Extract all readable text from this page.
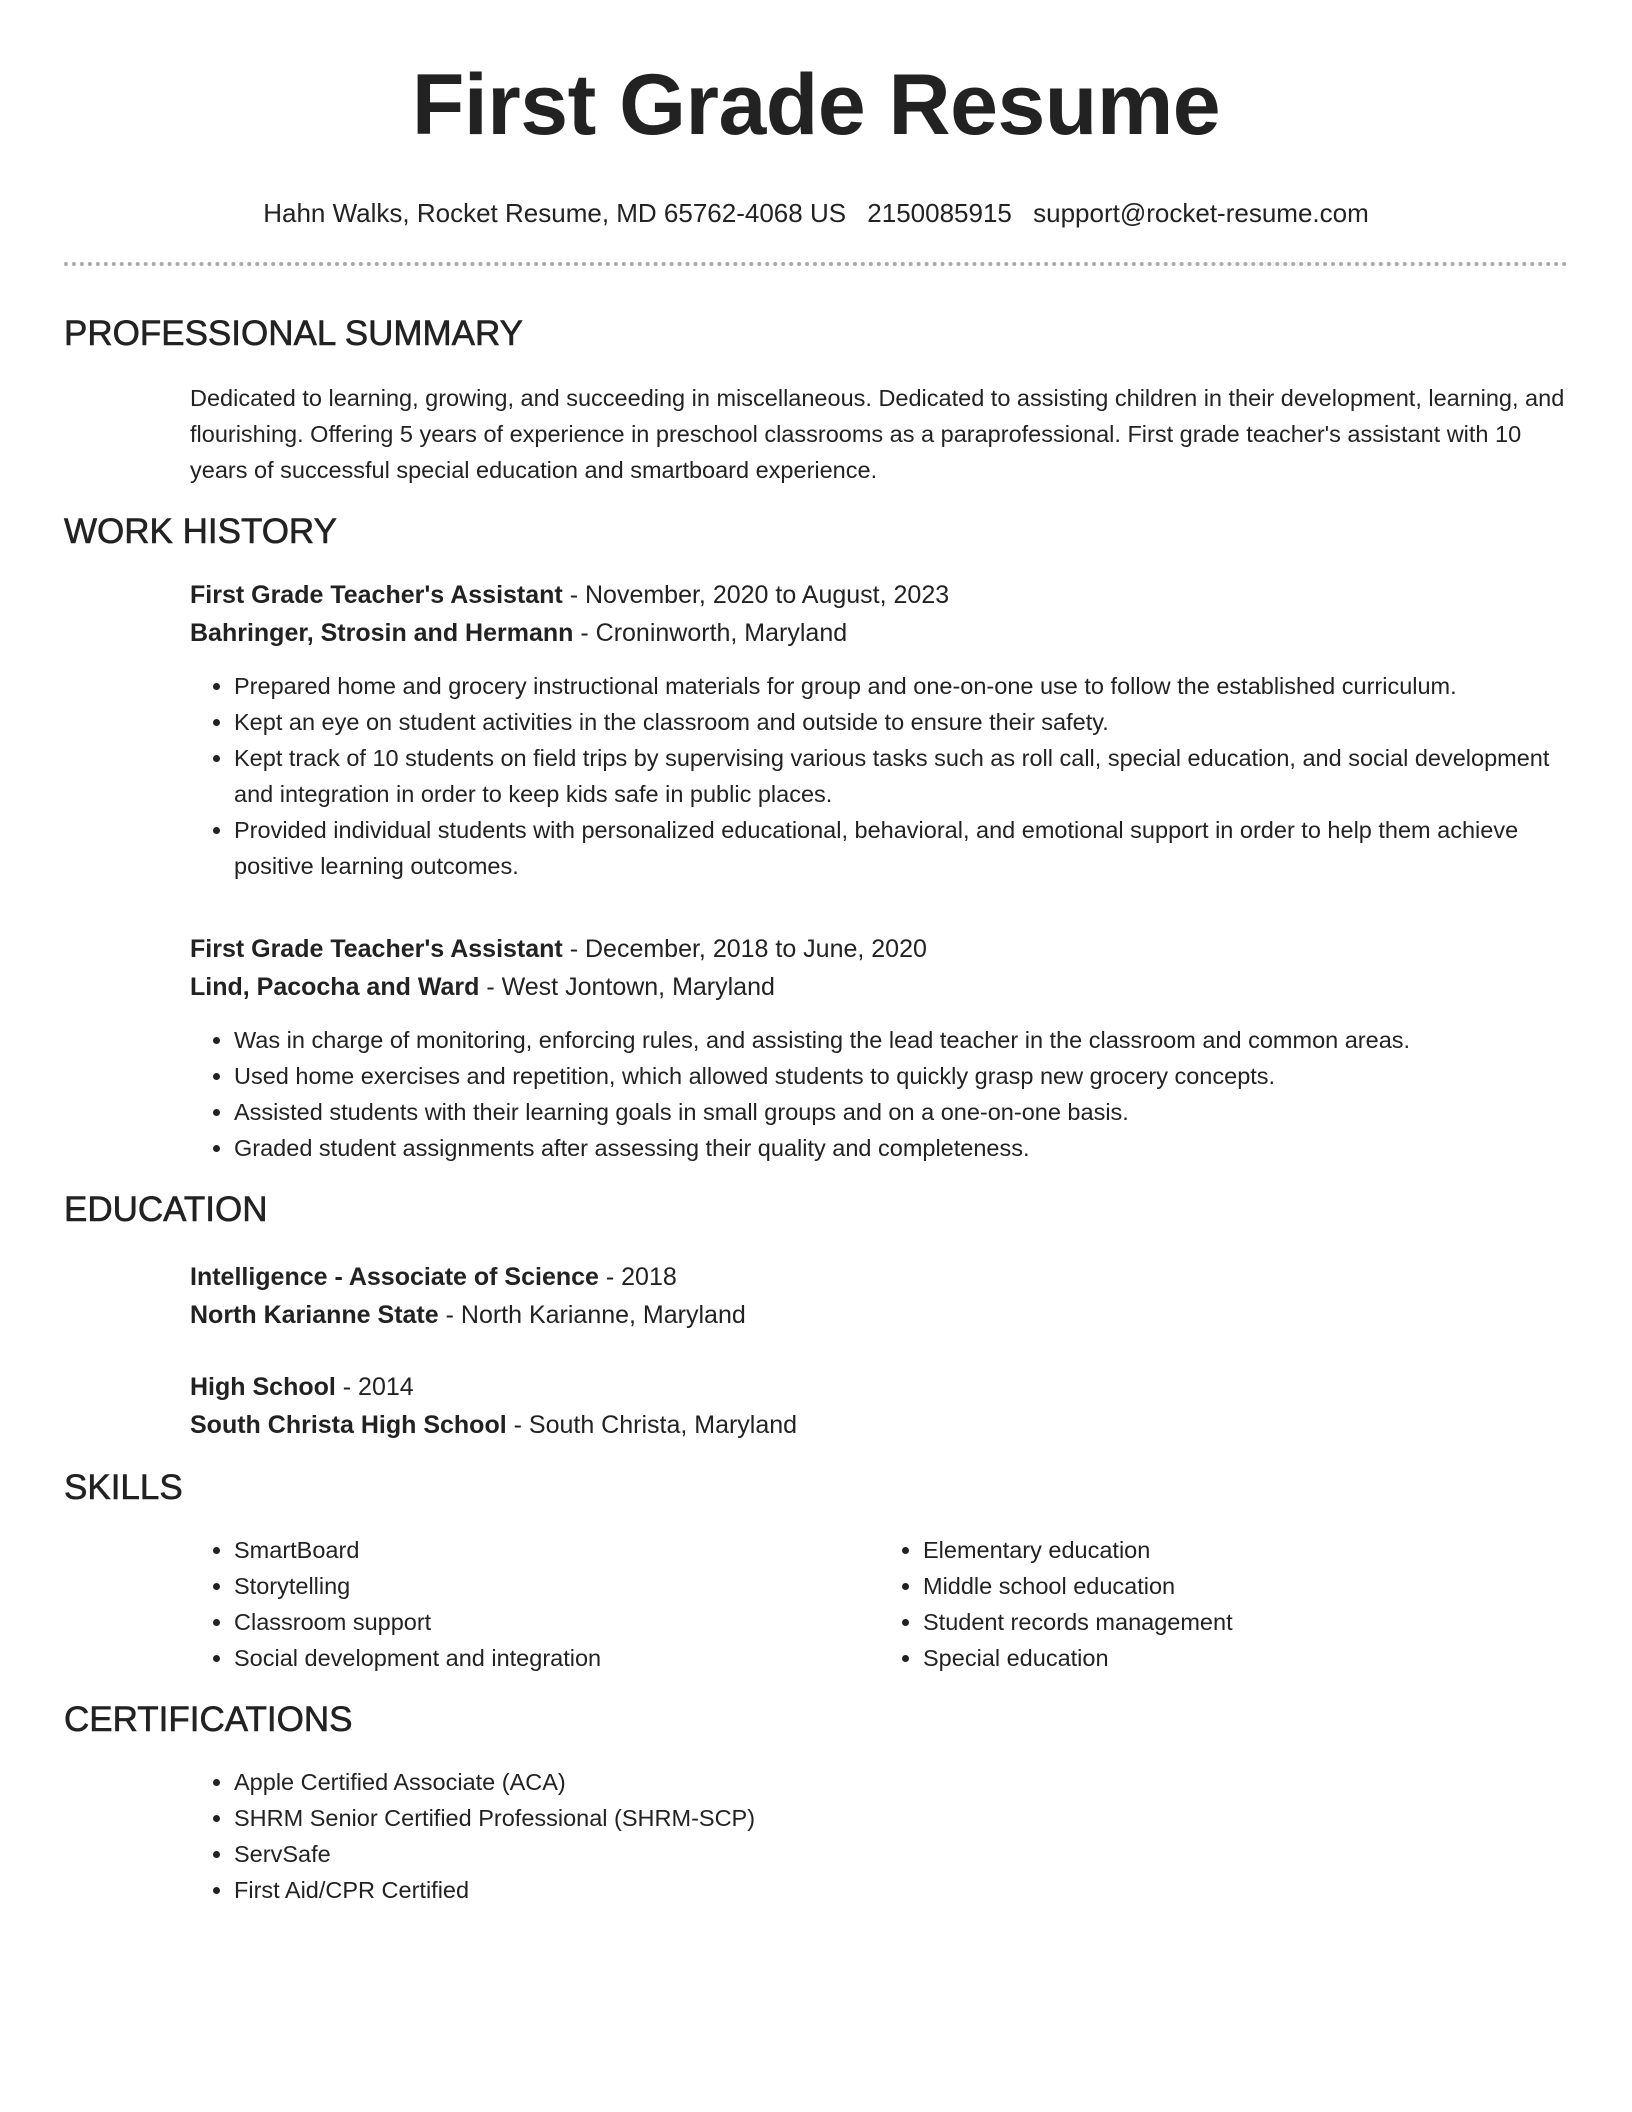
First Grade Resume
Hahn Walks, Rocket Resume, MD 65762-4068 US 2150085915 support@rocket-resume.com
PROFESSIONAL SUMMARY
Dedicated to learning, growing, and succeeding in miscellaneous. Dedicated to assisting children in their development, learning, and flourishing. Offering 5 years of experience in preschool classrooms as a paraprofessional. First grade teacher's assistant with 10 years of successful special education and smartboard experience.
WORK HISTORY
First Grade Teacher's Assistant - November, 2020 to August, 2023
Bahringer, Strosin and Hermann - Croninworth, Maryland
• Prepared home and grocery instructional materials for group and one-on-one use to follow the established curriculum.
• Kept an eye on student activities in the classroom and outside to ensure their safety.
• Kept track of 10 students on field trips by supervising various tasks such as roll call, special education, and social development and integration in order to keep kids safe in public places.
• Provided individual students with personalized educational, behavioral, and emotional support in order to help them achieve positive learning outcomes.
First Grade Teacher's Assistant - December, 2018 to June, 2020
Lind, Pacocha and Ward - West Jontown, Maryland
• Was in charge of monitoring, enforcing rules, and assisting the lead teacher in the classroom and common areas.
• Used home exercises and repetition, which allowed students to quickly grasp new grocery concepts.
• Assisted students with their learning goals in small groups and on a one-on-one basis.
• Graded student assignments after assessing their quality and completeness.
EDUCATION
Intelligence - Associate of Science - 2018
North Karianne State - North Karianne, Maryland
High School - 2014
South Christa High School - South Christa, Maryland
SKILLS
• SmartBoard
• Storytelling
• Classroom support
• Social development and integration
• Elementary education
• Middle school education
• Student records management
• Special education
CERTIFICATIONS
• Apple Certified Associate (ACA)
• SHRM Senior Certified Professional (SHRM-SCP)
• ServSafe
• First Aid/CPR Certified
